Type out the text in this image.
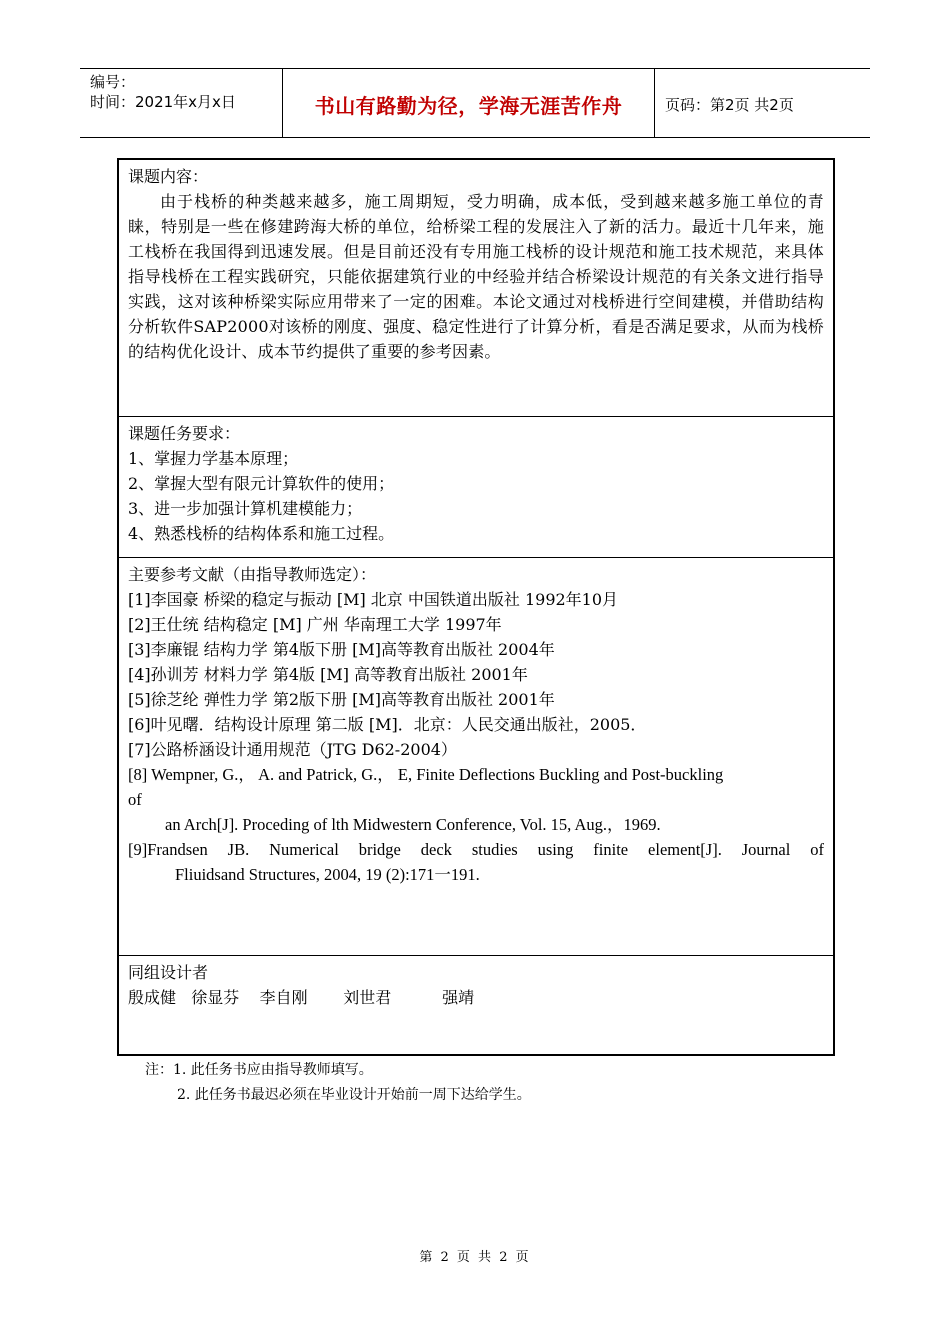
编号：
时间：2021年x月x日	书山有路勤为径，学海无涯苦作舟	页码：第2页 共2页
课题内容：
由于栈桥的种类越来越多，施工周期短，受力明确，成本低，受到越来越多施工单位的青睐，特别是一些在修建跨海大桥的单位，给桥梁工程的发展注入了新的活力。最近十几年来，施工栈桥在我国得到迅速发展。但是目前还没有专用施工栈桥的设计规范和施工技术规范，来具体指导栈桥在工程实践研究，只能依据建筑行业的中经验并结合桥梁设计规范的有关条文进行指导实践，这对该种桥梁实际应用带来了一定的困难。本论文通过对栈桥进行空间建模，并借助结构分析软件SAP2000对该桥的刚度、强度、稳定性进行了计算分析，看是否满足要求，从而为栈桥的结构优化设计、成本节约提供了重要的参考因素。
课题任务要求：
1、掌握力学基本原理；
2、掌握大型有限元计算软件的使用；
3、进一步加强计算机建模能力；
4、熟悉栈桥的结构体系和施工过程。
主要参考文献（由指导教师选定）：
[1]李国豪 桥梁的稳定与振动 [M] 北京 中国铁道出版社 1992年10月
[2]王仕统 结构稳定 [M] 广州 华南理工大学 1997年
[3]李廉锟 结构力学 第4版下册 [M]高等教育出版社 2004年
[4]孙训芳 材料力学 第4版 [M] 高等教育出版社 2001年
[5]徐芝纶 弹性力学 第2版下册 [M]高等教育出版社 2001年
[6]叶见曙．结构设计原理 第二版 [M]．北京：人民交通出版社，2005．
[7]公路桥涵设计通用规范（JTG D62-2004）
[8] Wempner, G.， A. and Patrick, G.， E, Finite Deflections Buckling and Post-buckling
of
an Arch[J]. Proceding of lth Midwestern Conference, Vol. 15, Aug.，1969.
[9]Frandsen JB. Numerical bridge deck studies using finite element[J]. Journal of
Fliuidsand Structures, 2004, 19 (2):171一191.
同组设计者
殷成健   徐显芬    李自刚       刘世君          强靖
注：1. 此任务书应由指导教师填写。
2. 此任务书最迟必须在毕业设计开始前一周下达给学生。
第 2 页 共 2 页
